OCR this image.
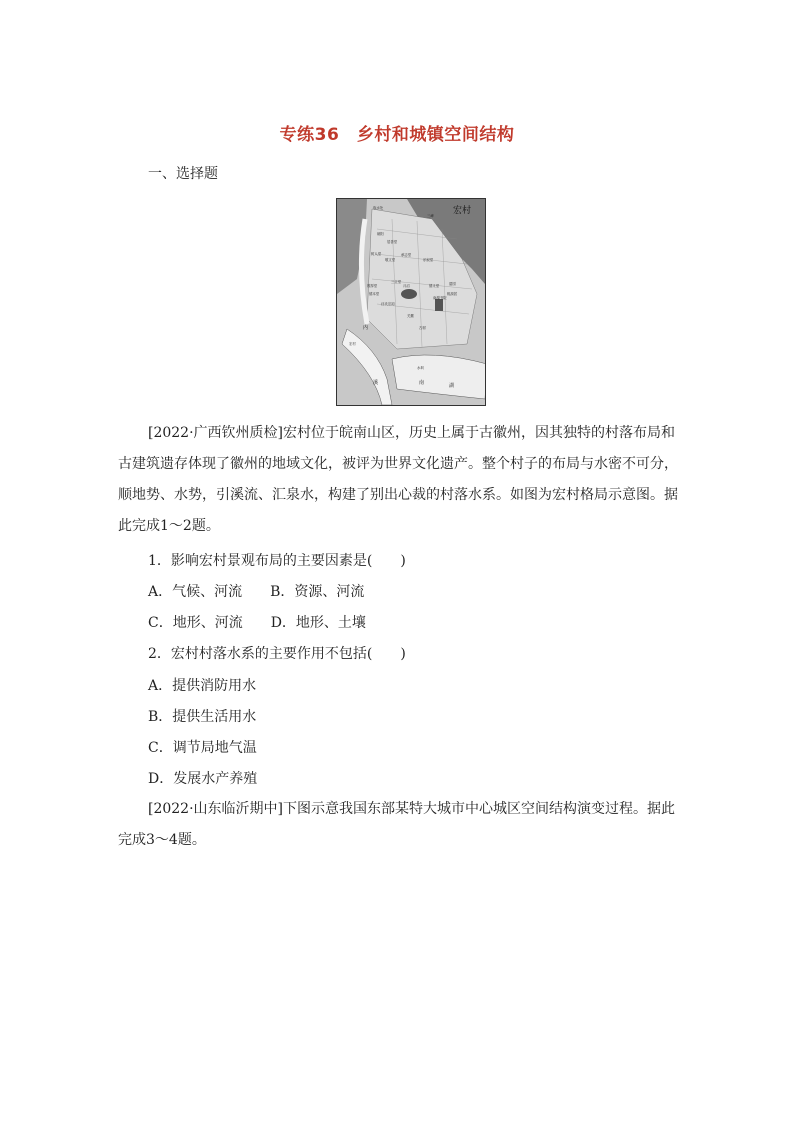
专练36　乡村和城镇空间结构
一、选择题
宏村
取水处
三峰
朝阳
居善堂
树人堂
敬文堂
承志堂
乐叙堂
敦厚堂	德义堂
月沼
南湖书院
德本堂
汪氏宗祠
三立堂	碧园
桃源居
关麓
古树
宏村
水圳
内
溪	南	湖

[2022·广西钦州质检]宏村位于皖南山区，历史上属于古徽州，因其独特的村落布局和古建筑遗存体现了徽州的地域文化，被评为世界文化遗产。整个村子的布局与水密不可分，顺地势、水势，引溪流、汇泉水，构建了别出心裁的村落水系。如图为宏村格局示意图。据此完成1～2题。

1．影响宏村景观布局的主要因素是(　　)
A．气候、河流　　B．资源、河流
C．地形、河流　　D．地形、土壤
2．宏村村落水系的主要作用不包括(　　)
A．提供消防用水
B．提供生活用水
C．调节局地气温
D．发展水产养殖

[2022·山东临沂期中]下图示意我国东部某特大城市中心城区空间结构演变过程。据此完成3～4题。
